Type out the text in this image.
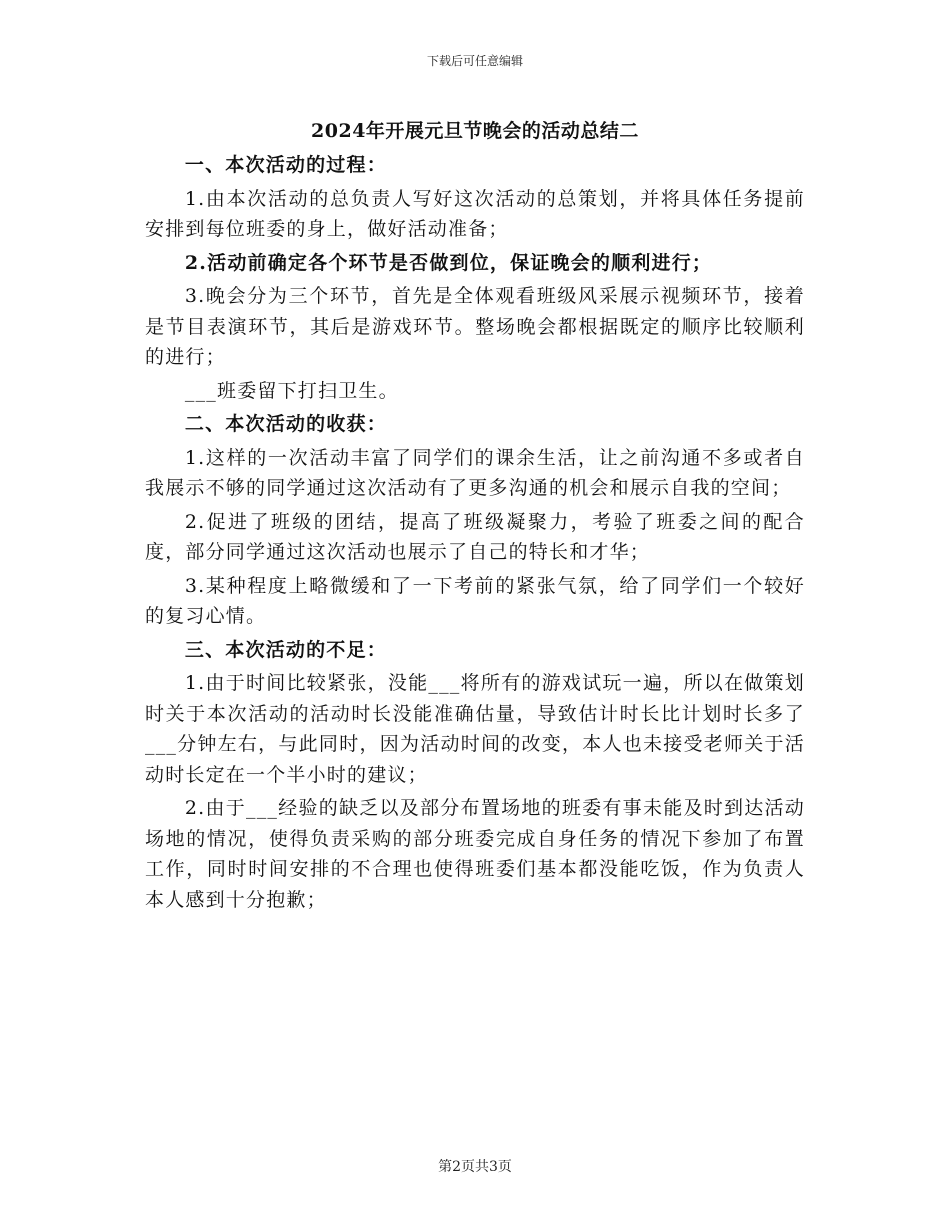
下载后可任意编辑
2024年开展元旦节晚会的活动总结二

一、本次活动的过程：

1.由本次活动的总负责人写好这次活动的总策划，并将具体任务提前安排到每位班委的身上，做好活动准备；

2.活动前确定各个环节是否做到位，保证晚会的顺利进行；

3.晚会分为三个环节，首先是全体观看班级风采展示视频环节，接着是节目表演环节，其后是游戏环节。整场晚会都根据既定的顺序比较顺利的进行；

___班委留下打扫卫生。

二、本次活动的收获：

1.这样的一次活动丰富了同学们的课余生活，让之前沟通不多或者自我展示不够的同学通过这次活动有了更多沟通的机会和展示自我的空间；

2.促进了班级的团结，提高了班级凝聚力，考验了班委之间的配合度，部分同学通过这次活动也展示了自己的特长和才华；

3.某种程度上略微缓和了一下考前的紧张气氛，给了同学们一个较好的复习心情。

三、本次活动的不足：

1.由于时间比较紧张，没能___将所有的游戏试玩一遍，所以在做策划时关于本次活动的活动时长没能准确估量，导致估计时长比计划时长多了___分钟左右，与此同时，因为活动时间的改变，本人也未接受老师关于活动时长定在一个半小时的建议；

2.由于___经验的缺乏以及部分布置场地的班委有事未能及时到达活动场地的情况，使得负责采购的部分班委完成自身任务的情况下参加了布置工作，同时时间安排的不合理也使得班委们基本都没能吃饭，作为负责人本人感到十分抱歉；

第2页共3页
